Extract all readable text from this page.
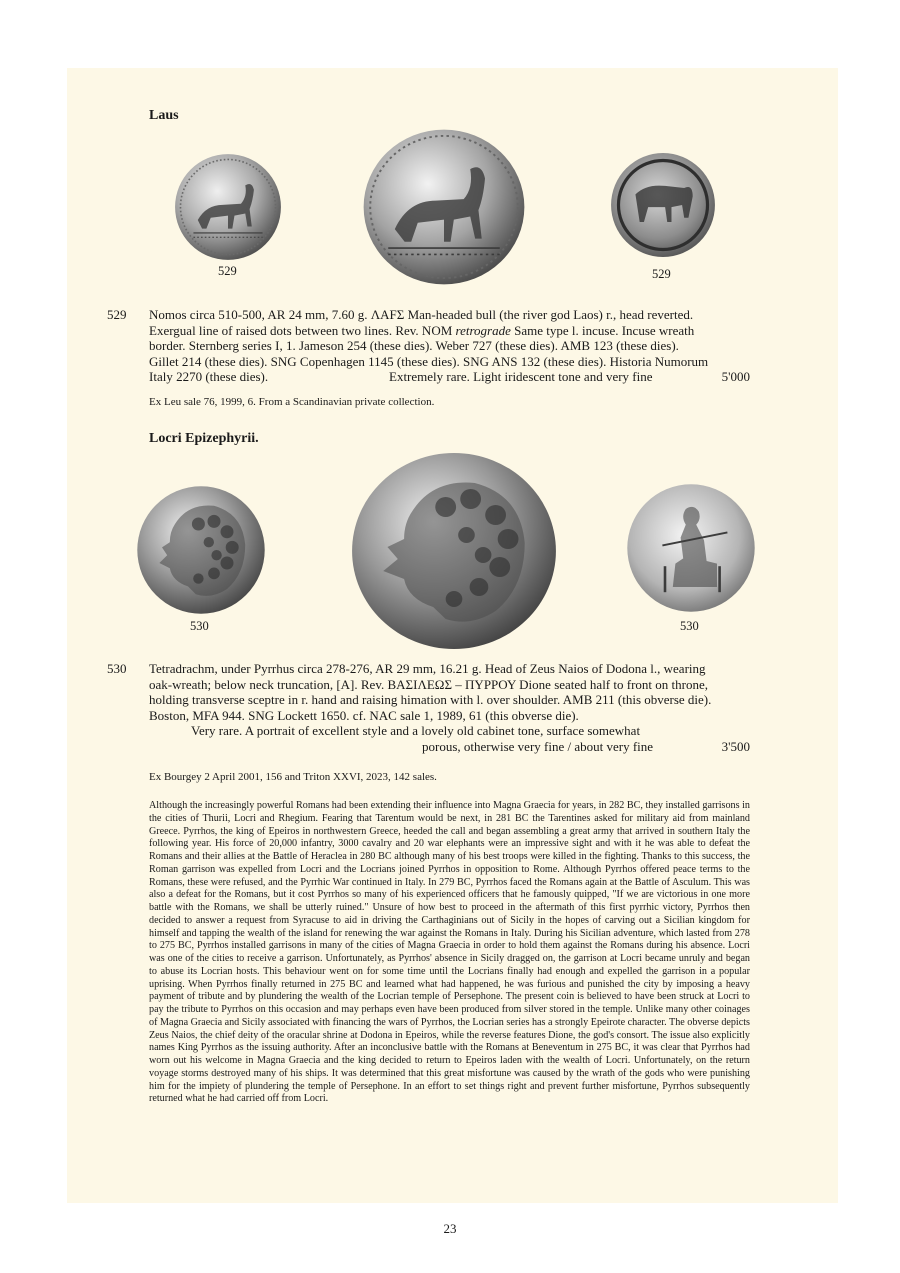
Laus
529	529
529 Nomos circa 510-500, AR 24 mm, 7.60 g. ΛΑFΣ Man-headed bull (the river god Laos) r., head reverted.
Exergual line of raised dots between two lines. Rev. NOM retrograde Same type l. incuse. Incuse wreath
border. Sternberg series I, 1. Jameson 254 (these dies). Weber 727 (these dies). AMB 123 (these dies).
Gillet 214 (these dies). SNG Copenhagen 1145 (these dies). SNG ANS 132 (these dies). Historia Numorum
Italy 2270 (these dies).	Extremely rare. Light iridescent tone and very fine	5'000
Ex Leu sale 76, 1999, 6. From a Scandinavian private collection.
Locri Epizephyrii.
530	530
530 Tetradrachm, under Pyrrhus circa 278-276, AR 29 mm, 16.21 g. Head of Zeus Naios of Dodona l., wearing
oak-wreath; below neck truncation, [A]. Rev. ΒΑΣΙΛΕΩΣ – ΠΥΡΡΟΥ Dione seated half to front on throne,
holding transverse sceptre in r. hand and raising himation with l. over shoulder. AMB 211 (this obverse die).
Boston, MFA 944. SNG Lockett 1650. cf. NAC sale 1, 1989, 61 (this obverse die).
Very rare. A portrait of excellent style and a lovely old cabinet tone, surface somewhat
porous, otherwise very fine / about very fine	3'500

Ex Bourgey 2 April 2001, 156 and Triton XXVI, 2023, 142 sales.
Although the increasingly powerful Romans had been extending their influence into Magna Graecia for years, in 282 BC, they installed garrisons in the cities of Thurii, Locri and Rhegium. Fearing that Tarentum would be next, in 281 BC the Tarentines asked for military aid from mainland Greece. Pyrrhos, the king of Epeiros in northwestern Greece, heeded the call and began assembling a great army that arrived in southern Italy the following year. His force of 20,000 infantry, 3000 cavalry and 20 war elephants were an impressive sight and with it he was able to defeat the Romans and their allies at the Battle of Heraclea in 280 BC although many of his best troops were killed in the fighting. Thanks to this success, the Roman garrison was expelled from Locri and the Locrians joined Pyrrhos in opposition to Rome. Although Pyrrhos offered peace terms to the Romans, these were refused, and the Pyrrhic War continued in Italy. In 279 BC, Pyrrhos faced the Romans again at the Battle of Asculum. This was also a defeat for the Romans, but it cost Pyrrhos so many of his experienced officers that he famously quipped, "If we are victorious in one more battle with the Romans, we shall be utterly ruined." Unsure of how best to proceed in the aftermath of this first pyrrhic victory, Pyrrhos then decided to answer a request from Syracuse to aid in driving the Carthaginians out of Sicily in the hopes of carving out a Sicilian kingdom for himself and tapping the wealth of the island for renewing the war against the Romans in Italy. During his Sicilian adventure, which lasted from 278 to 275 BC, Pyrrhos installed garrisons in many of the cities of Magna Graecia in order to hold them against the Romans during his absence. Locri was one of the cities to receive a garrison. Unfortunately, as Pyrrhos' absence in Sicily dragged on, the garrison at Locri became unruly and began to abuse its Locrian hosts. This behaviour went on for some time until the Locrians finally had enough and expelled the garrison in a popular uprising. When Pyrrhos finally returned in 275 BC and learned what had happened, he was furious and punished the city by imposing a heavy payment of tribute and by plundering the wealth of the Locrian temple of Persephone. The present coin is believed to have been struck at Locri to pay the tribute to Pyrrhos on this occasion and may perhaps even have been produced from silver stored in the temple. Unlike many other coinages of Magna Graecia and Sicily associated with financing the wars of Pyrrhos, the Locrian series has a strongly Epeirote character. The obverse depicts Zeus Naios, the chief deity of the oracular shrine at Dodona in Epeiros, while the reverse features Dione, the god's consort. The issue also explicitly names King Pyrrhos as the issuing authority. After an inconclusive battle with the Romans at Beneventum in 275 BC, it was clear that Pyrrhos had worn out his welcome in Magna Graecia and the king decided to return to Epeiros laden with the wealth of Locri. Unfortunately, on the return voyage storms destroyed many of his ships. It was determined that this great misfortune was caused by the wrath of the gods who were punishing him for the impiety of plundering the temple of Persephone. In an effort to set things right and prevent further misfortune, Pyrrhos subsequently returned what he had carried off from Locri.
23
